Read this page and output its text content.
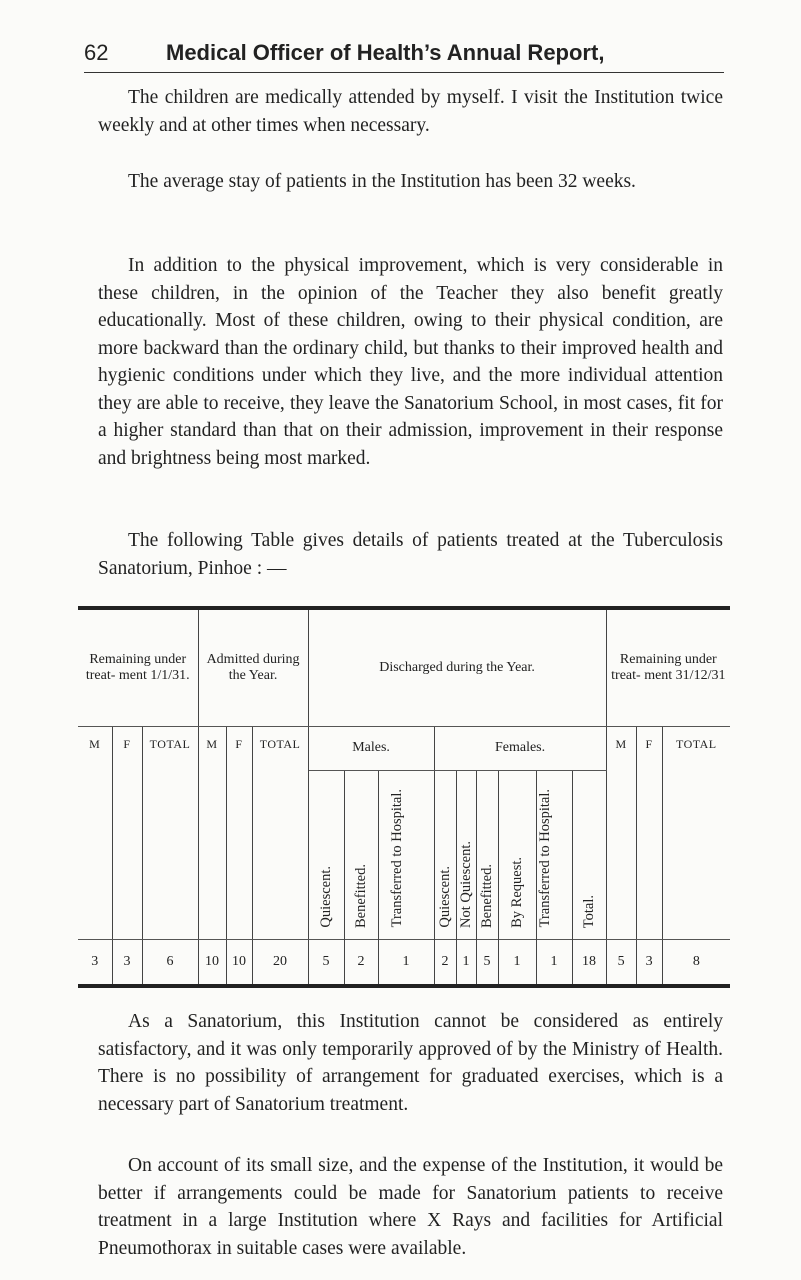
62	Medical Officer of Health’s Annual Report,

The children are medically attended by myself. I visit the Institution twice weekly and at other times when necessary.

The average stay of patients in the Institution has been 32 weeks.

In addition to the physical improvement, which is very considerable in these children, in the opinion of the Teacher they also benefit greatly educationally. Most of these children, owing to their physical condition, are more backward than the ordinary child, but thanks to their improved health and hygienic conditions under which they live, and the more individual attention they are able to receive, they leave the Sanatorium School, in most cases, fit for a higher standard than that on their admission, improvement in their response and brightness being most marked.

The following Table gives details of patients treated at the Tuberculosis Sanatorium, Pinhoe : —

Remaining under treat- ment 1/1/31.			Admitted during the Year.			Discharged during the Year.									Remaining under treat- ment 31/12/31		
M	F	TOTAL	M	F	TOTAL	Males.			Females.						M	F	TOTAL
						Quiescent.	Benefitted.	Transferred to Hospital.	Quiescent.	Not Quiescent.	Benefitted.	By Request.	Transferred to Hospital.	Total.			
3	3	6	10	10	20	5	2	1	2	1	5	1	1	18	5	3	8

As a Sanatorium, this Institution cannot be considered as entirely satisfactory, and it was only temporarily approved of by the Ministry of Health. There is no possibility of arrangement for graduated exercises, which is a necessary part of Sanatorium treatment.

On account of its small size, and the expense of the Institution, it would be better if arrangements could be made for Sanatorium patients to receive treatment in a large Institution where X Rays and facilities for Artificial Pneumothorax in suitable cases were available.
